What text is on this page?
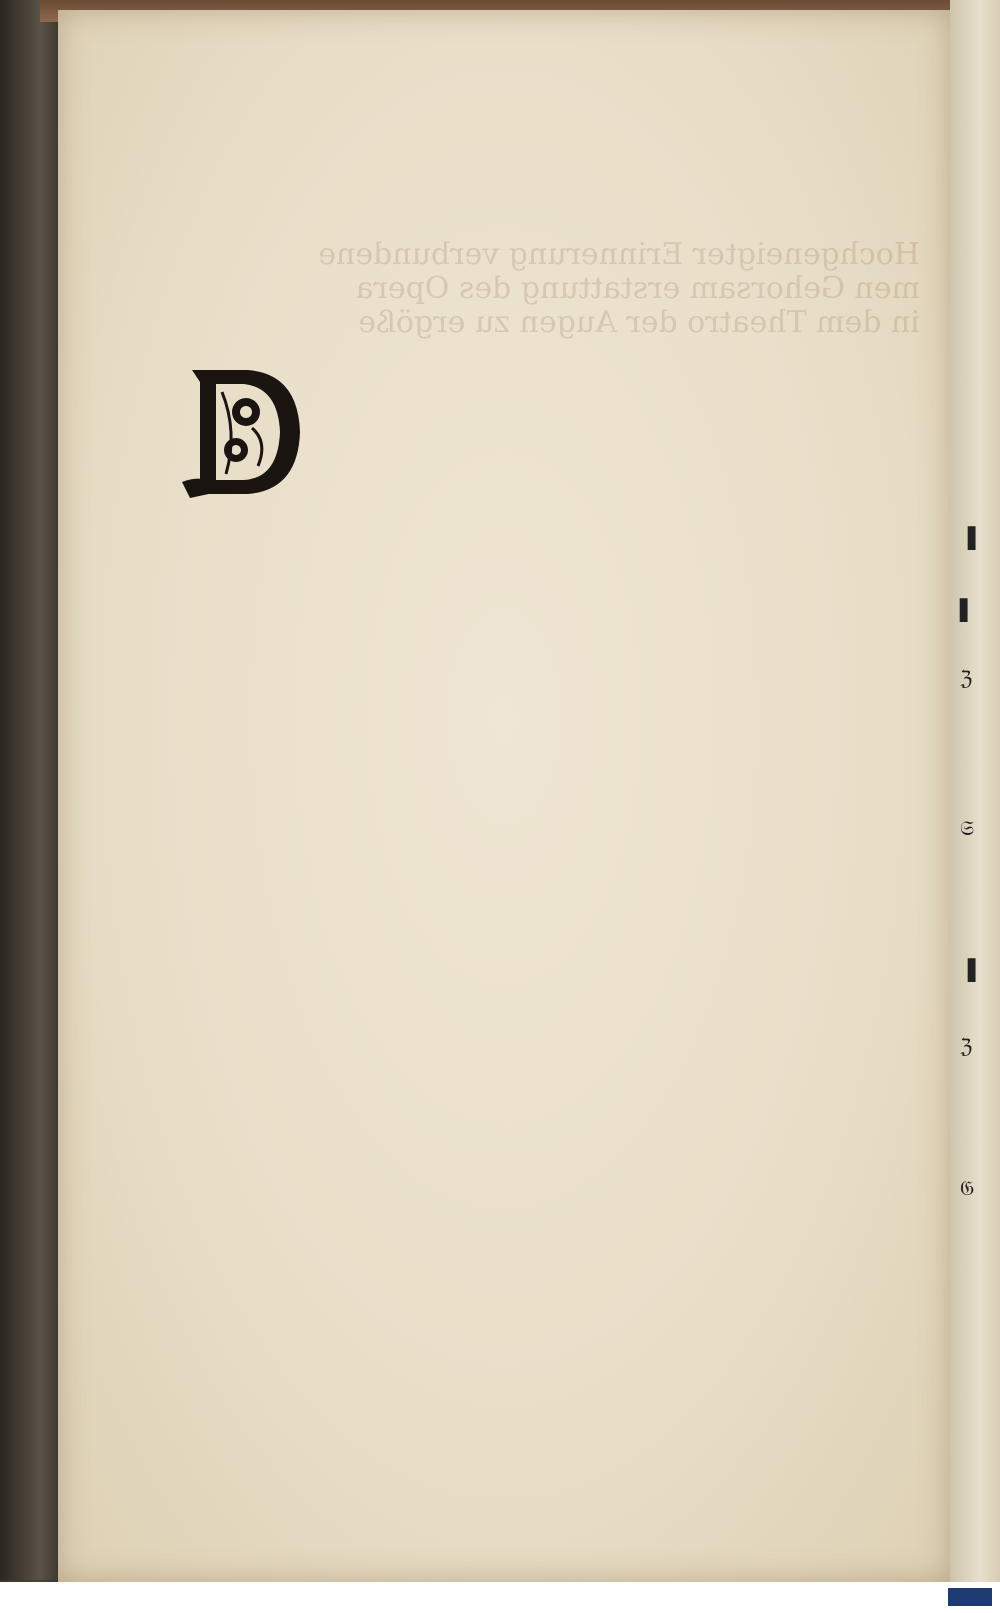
▐
▌
ℨ
𝔖
▐
ℨ
𝔊
Hochgeneigter Erinnerung verbundene
men Gehorsam erstattung des Opera
in dem Theatro der Augen zu ergöße
